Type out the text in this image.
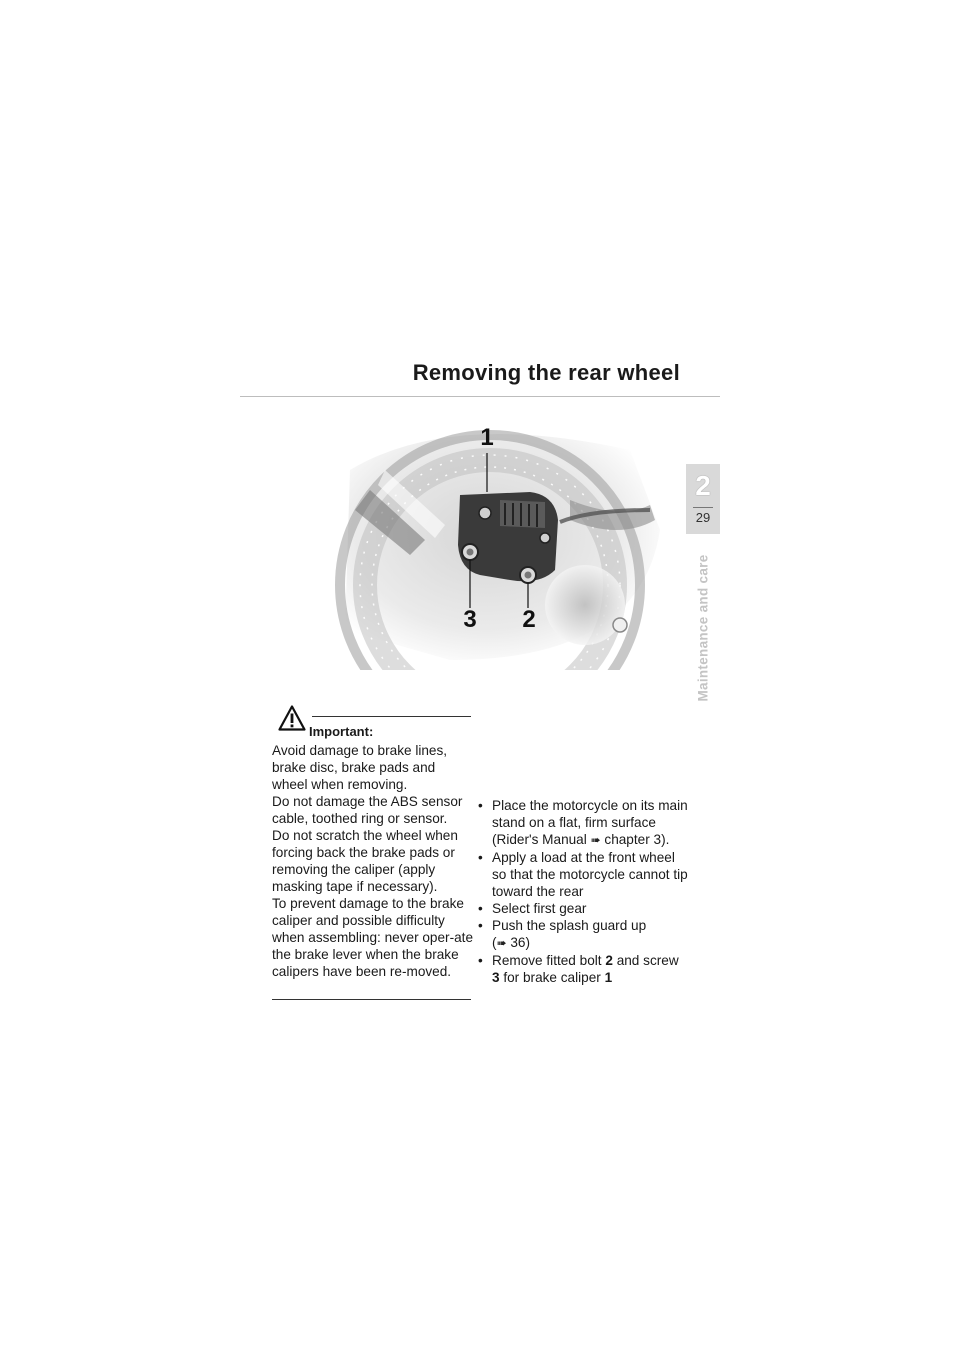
Removing the rear wheel
2
29
Maintenance and care
1
2
3
Important:

Avoid damage to brake lines, brake disc, brake pads and wheel when removing.

Do not damage the ABS sensor cable, toothed ring or sensor.

Do not scratch the wheel when forcing back the brake pads or removing the caliper (apply masking tape if necessary).

To prevent damage to the brake caliper and possible difficulty when assembling: never oper-ate the brake lever when the brake calipers have been re-moved.

• Place the motorcycle on its main stand on a flat, firm surface
(Rider's Manual ➠ chapter 3).
• Apply a load at the front wheel so that the motorcycle cannot tip toward the rear
• Select first gear
• Push the splash guard up
(➠ 36)
• Remove fitted bolt 2 and screw 3 for brake caliper 1
